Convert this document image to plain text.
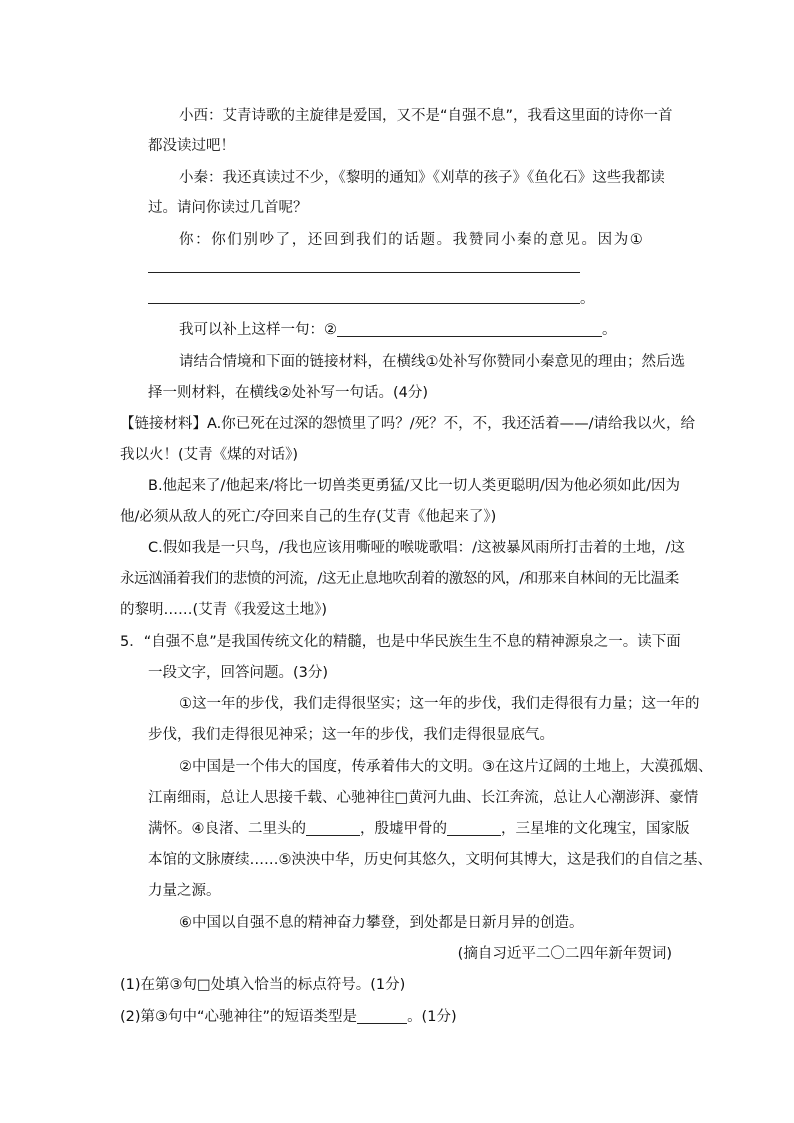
小西：艾青诗歌的主旋律是爱国，又不是“自强不息”，我看这里面的诗你一首

都没读过吧！

小秦：我还真读过不少，《黎明的通知》《刈草的孩子》《鱼化石》这些我都读

过。请问你读过几首呢？

你：你们别吵了，还回到我们的话题。我赞同小秦的意见。因为①

。

我可以补上这样一句：②	。

请结合情境和下面的链接材料，在横线①处补写你赞同小秦意见的理由；然后选

择一则材料，在横线②处补写一句话。(4分)

【链接材料】A.你已死在过深的怨愤里了吗？/死？不，不，我还活着——/请给我以火，给

我以火！(艾青《煤的对话》)

B.他起来了/他起来/将比一切兽类更勇猛/又比一切人类更聪明/因为他必须如此/因为

他/必须从敌人的死亡/夺回来自己的生存(艾青《他起来了》)

C.假如我是一只鸟，/我也应该用嘶哑的喉咙歌唱：/这被暴风雨所打击着的土地，/这

永远汹涌着我们的悲愤的河流，/这无止息地吹刮着的激怒的风，/和那来自林间的无比温柔

的黎明……(艾青《我爱这土地》)

5．“自强不息”是我国传统文化的精髓，也是中华民族生生不息的精神源泉之一。读下面

一段文字，回答问题。(3分)

①这一年的步伐，我们走得很坚实；这一年的步伐，我们走得很有力量；这一年的

步伐，我们走得很见神采；这一年的步伐，我们走得很显底气。

②中国是一个伟大的国度，传承着伟大的文明。③在这片辽阔的土地上，大漠孤烟、

江南细雨，总让人思接千载、心驰神往□黄河九曲、长江奔流，总让人心潮澎湃、豪情

满怀。④良渚、二里头的	，殷墟甲骨的	，三星堆的文化瑰宝，国家版

本馆的文脉赓续……⑤泱泱中华，历史何其悠久，文明何其博大，这是我们的自信之基、

力量之源。

⑥中国以自强不息的精神奋力攀登，到处都是日新月异的创造。

(摘自习近平二〇二四年新年贺词)

(1)在第③句□处填入恰当的标点符号。(1分)

(2)第③句中“心驰神往”的短语类型是	。(1分)
